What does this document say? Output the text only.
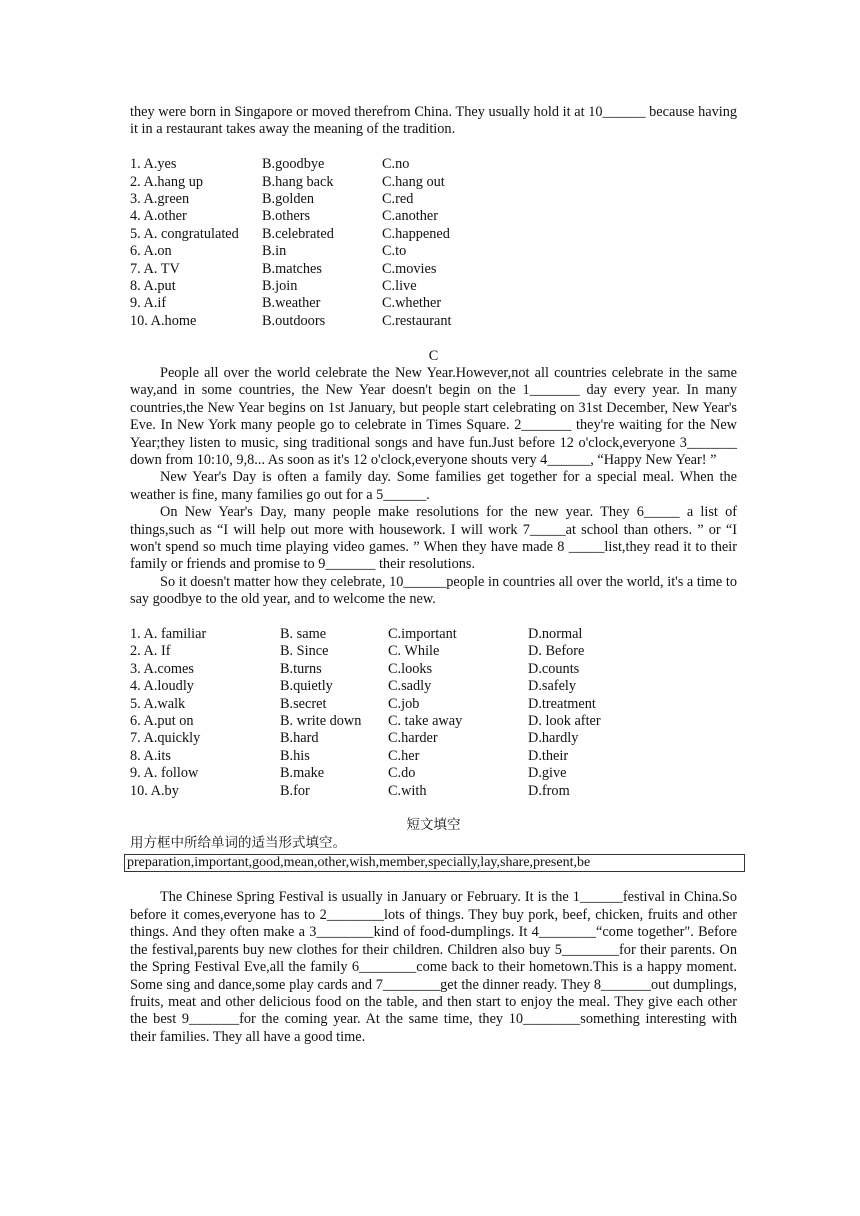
they were born in Singapore or moved therefrom China. They usually hold it at 10______ because having it in a restaurant takes away the meaning of the tradition.

1. A.yes	B.goodbye	C.no
2. A.hang up	B.hang back	C.hang out
3. A.green	B.golden	C.red
4. A.other	B.others	C.another
5. A. congratulated	B.celebrated	C.happened
6. A.on	B.in	C.to
7. A. TV	B.matches	C.movies
8. A.put	B.join	C.live
9. A.if	B.weather	C.whether
10. A.home	B.outdoors	C.restaurant

C

People all over the world celebrate the New Year.However,not all countries celebrate in the same way,and in some countries, the New Year doesn't begin on the 1_______ day every year. In many countries,the New Year begins on 1st January, but people start celebrating on 31st December, New Year's Eve. In New York many people go to celebrate in Times Square. 2_______ they're waiting for the New Year;they listen to music, sing traditional songs and have fun.Just before 12 o'clock,everyone 3_______ down from 10:10, 9,8... As soon as it's 12 o'clock,everyone shouts very 4______, “Happy New Year! ”

New Year's Day is often a family day. Some families get together for a special meal. When the weather is fine, many families go out for a 5______.

On New Year's Day, many people make resolutions for the new year. They 6_____ a list of things,such as “I will help out more with housework. I will work 7_____at school than others. ” or “I won't spend so much time playing video games. ” When they have made 8 _____list,they read it to their family or friends and promise to 9_______ their resolutions.

So it doesn't matter how they celebrate, 10______people in countries all over the world, it's a time to say goodbye to the old year, and to welcome the new.

1. A. familiar	B. same	C.important	D.normal
2. A. If	B. Since	C. While	D. Before
3. A.comes	B.turns	C.looks	D.counts
4. A.loudly	B.quietly	C.sadly	D.safely
5. A.walk	B.secret	C.job	D.treatment
6. A.put on	B. write down	C. take away	D. look after
7. A.quickly	B.hard	C.harder	D.hardly
8. A.its	B.his	C.her	D.their
9. A. follow	B.make	C.do	D.give
10. A.by	B.for	C.with	D.from

短文填空

用方框中所给单词的适当形式填空。

preparation,important,good,mean,other,wish,member,specially,lay,share,present,be

The Chinese Spring Festival is usually in January or February. It is the 1______festival in China.So before it comes,everyone has to 2________lots of things. They buy pork, beef, chicken, fruits and other things. And they often make a 3________kind of food-dumplings. It 4________“come together". Before the festival,parents buy new clothes for their children. Children also buy 5________for their parents. On the Spring Festival Eve,all the family 6________come back to their hometown.This is a happy moment. Some sing and dance,some play cards and 7________get the dinner ready. They 8_______out dumplings, fruits, meat and other delicious food on the table, and then start to enjoy the meal. They give each other the best 9_______for the coming year. At the same time, they 10________something interesting with their families. They all have a good time.
